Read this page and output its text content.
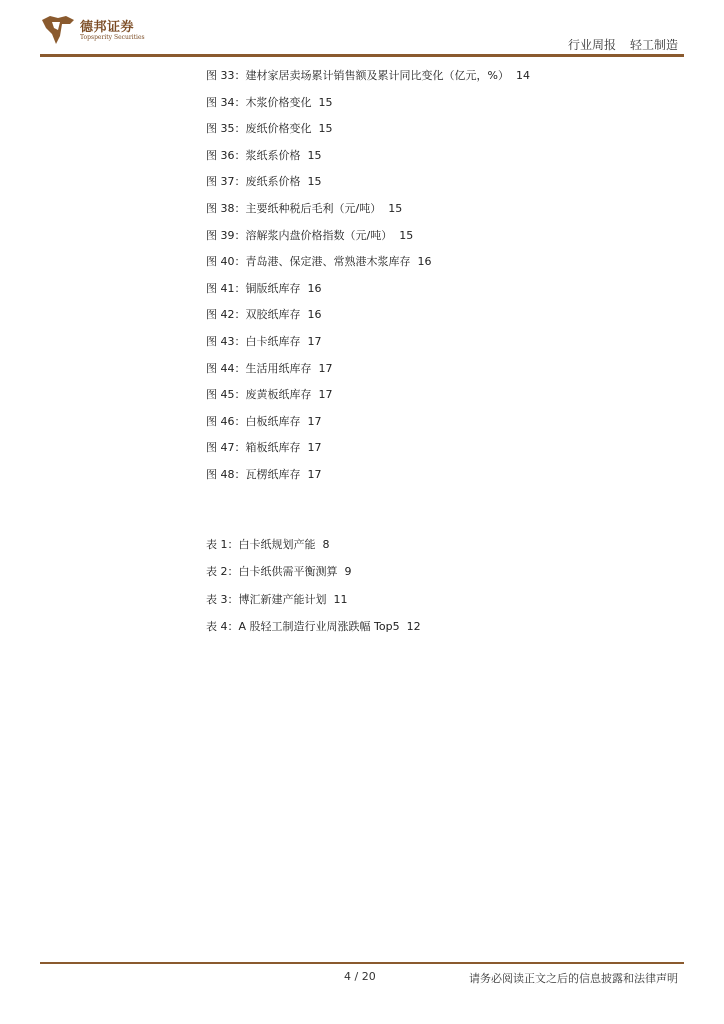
德邦证券
Topsperity Securities
行业周报 轻工制造
图 33：建材家居卖场累计销售额及累计同比变化（亿元，%） 14
图 34：木浆价格变化 15
图 35：废纸价格变化 15
图 36：浆纸系价格 15
图 37：废纸系价格 15
图 38：主要纸种税后毛利（元/吨） 15
图 39：溶解浆内盘价格指数（元/吨） 15
图 40：青岛港、保定港、常熟港木浆库存 16
图 41：铜版纸库存 16
图 42：双胶纸库存 16
图 43：白卡纸库存 17
图 44：生活用纸库存 17
图 45：废黄板纸库存 17
图 46：白板纸库存 17
图 47：箱板纸库存 17
图 48：瓦楞纸库存 17
表 1：白卡纸规划产能 8
表 2：白卡纸供需平衡测算 9
表 3：博汇新建产能计划 11
表 4：A 股轻工制造行业周涨跌幅 Top5 12
4 / 20	请务必阅读正文之后的信息披露和法律声明
